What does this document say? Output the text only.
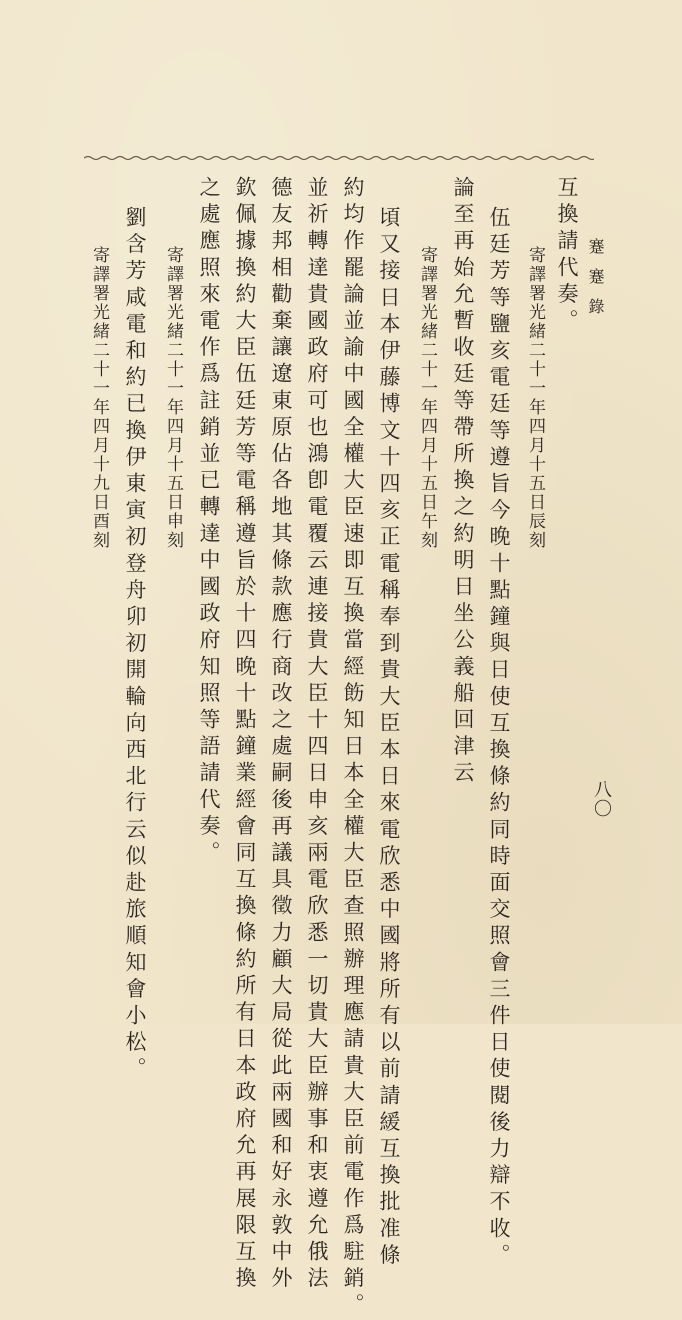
蹇蹇錄
八〇
互換請代奏。
寄譯署光緒二十一年四月十五日辰刻
伍廷芳等鹽亥電廷等遵旨今晚十點鐘與日使互換條約同時面交照會三件日使閱後力辯不收。
論至再始允暫收廷等帶所換之約明日坐公義船回津云
寄譯署光緒二十一年四月十五日午刻
頃又接日本伊藤博文十四亥正電稱奉到貴大臣本日來電欣悉中國將所有以前請緩互換批准條
約均作罷論並諭中國全權大臣速即互換當經飭知日本全權大臣查照辦理應請貴大臣前電作爲駐銷。
並祈轉達貴國政府可也鴻卽電覆云連接貴大臣十四日申亥兩電欣悉一切貴大臣辦事和衷遵允俄法
德友邦相勸棄讓遼東原佔各地其條款應行商改之處嗣後再議具徵力顧大局從此兩國和好永敦中外
欽佩據換約大臣伍廷芳等電稱遵旨於十四晚十點鐘業經會同互換條約所有日本政府允再展限互換
之處應照來電作爲註銷並已轉達中國政府知照等語請代奏。
寄譯署光緒二十一年四月十五日申刻
劉含芳咸電和約已換伊東寅初登舟卯初開輪向西北行云似赴旅順知會小松。
寄譯署光緒二十一年四月十九日酉刻
